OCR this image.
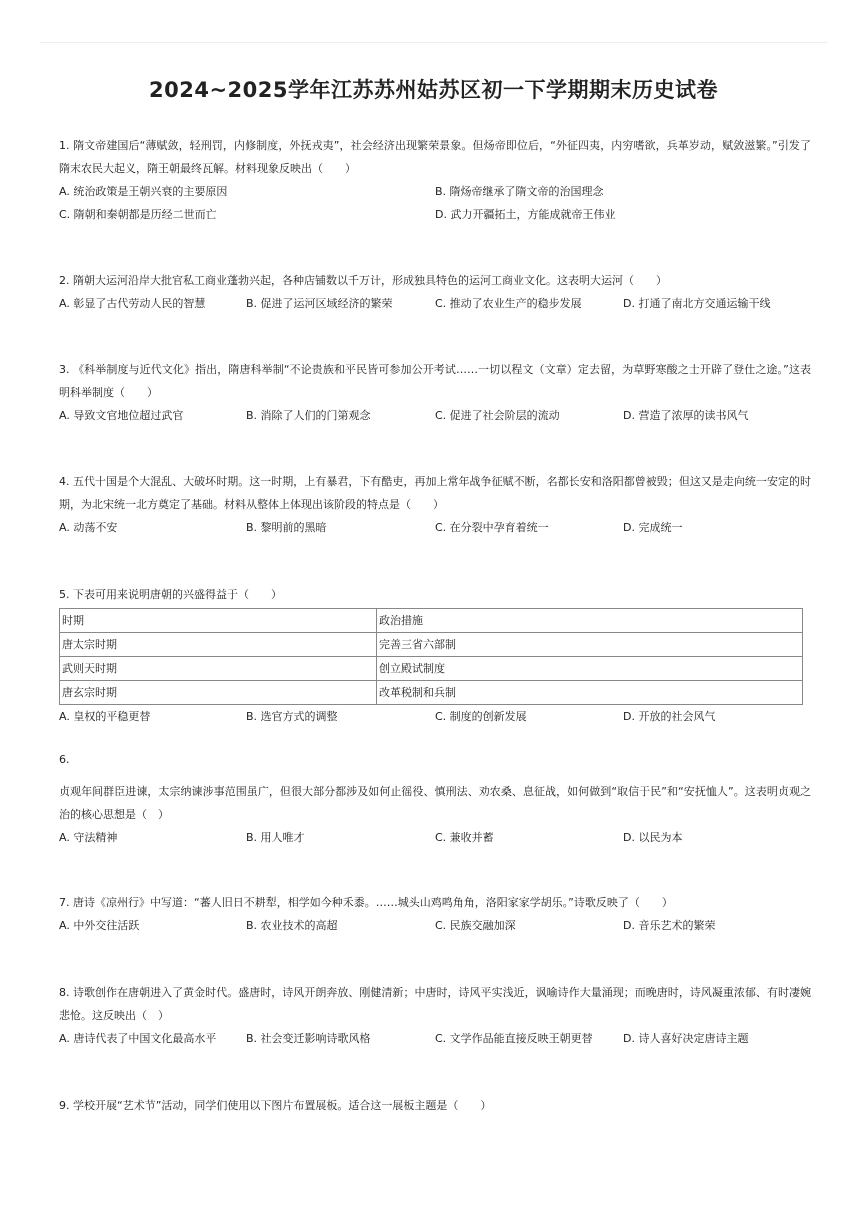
2024~2025学年江苏苏州姑苏区初一下学期期末历史试卷

1. 隋文帝建国后“薄赋敛，轻刑罚，内修制度，外抚戎夷”，社会经济出现繁荣景象。但炀帝即位后，“外征四夷，内穷嗜欲，兵革岁动，赋敛滋繁。”引发了隋末农民大起义，隋王朝最终瓦解。材料现象反映出（　　）

A. 统治政策是王朝兴衰的主要原因	B. 隋炀帝继承了隋文帝的治国理念
C. 隋朝和秦朝都是历经二世而亡	D. 武力开疆拓土，方能成就帝王伟业

2. 隋朝大运河沿岸大批官私工商业蓬勃兴起，各种店铺数以千万计，形成独具特色的运河工商业文化。这表明大运河（　　）

A. 彰显了古代劳动人民的智慧	B. 促进了运河区域经济的繁荣	C. 推动了农业生产的稳步发展	D. 打通了南北方交通运输干线

3. 《科举制度与近代文化》指出，隋唐科举制“不论贵族和平民皆可参加公开考试……一切以程文（文章）定去留，为草野寒酸之士开辟了登仕之途。”这表明科举制度（　　）

A. 导致文官地位超过武官	B. 消除了人们的门第观念	C. 促进了社会阶层的流动	D. 营造了浓厚的读书风气

4. 五代十国是个大混乱、大破坏时期。这一时期，上有暴君，下有酷吏，再加上常年战争征赋不断，名都长安和洛阳都曾被毁；但这又是走向统一安定的时期，为北宋统一北方奠定了基础。材料从整体上体现出该阶段的特点是（　　）

A. 动荡不安	B. 黎明前的黑暗	C. 在分裂中孕育着统一	D. 完成统一

5. 下表可用来说明唐朝的兴盛得益于（　　）

时期	政治措施
唐太宗时期	完善三省六部制
武则天时期	创立殿试制度
唐玄宗时期	改革税制和兵制
A. 皇权的平稳更替	B. 选官方式的调整	C. 制度的创新发展	D. 开放的社会风气

6.

贞观年间群臣进谏，太宗纳谏涉事范围虽广，但很大部分都涉及如何止徭役、慎刑法、劝农桑、息征战，如何做到“取信于民”和“安抚恤人”。这表明贞观之治的核心思想是（　）

A. 守法精神	B. 用人唯才	C. 兼收并蓄	D. 以民为本

7. 唐诗《凉州行》中写道：“蕃人旧日不耕犁，相学如今种禾黍。……城头山鸡鸣角角，洛阳家家学胡乐。”诗歌反映了（　　）

A. 中外交往活跃	B. 农业技术的高超	C. 民族交融加深	D. 音乐艺术的繁荣

8. 诗歌创作在唐朝进入了黄金时代。盛唐时，诗风开朗奔放、刚健清新；中唐时，诗风平实浅近，讽喻诗作大量涌现；而晚唐时，诗风凝重浓郁、有时凄婉悲怆。这反映出（　）

A. 唐诗代表了中国文化最高水平	B. 社会变迁影响诗歌风格	C. 文学作品能直接反映王朝更替	D. 诗人喜好决定唐诗主题

9. 学校开展“艺术节”活动，同学们使用以下图片布置展板。适合这一展板主题是（　　）
